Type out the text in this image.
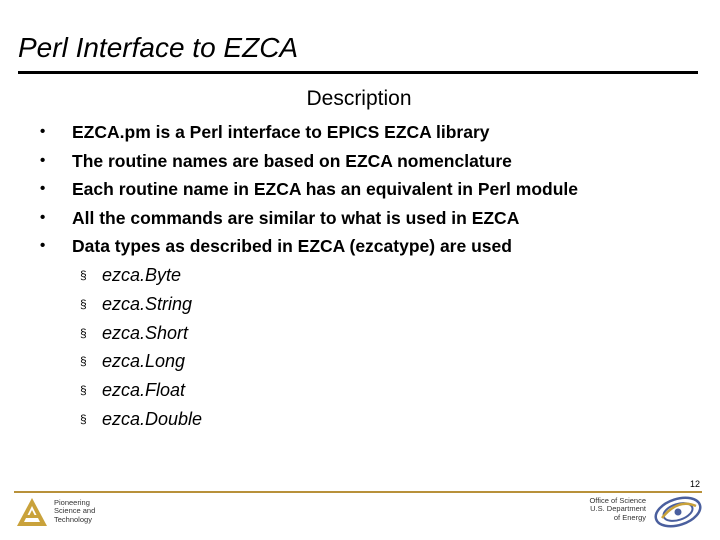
Perl Interface to EZCA
Description
• EZCA.pm is a Perl interface to EPICS EZCA library
• The routine names are based on EZCA nomenclature
• Each routine name in EZCA has an equivalent in Perl module
• All the commands are similar to what is used in EZCA
• Data types as described in EZCA (ezcatype) are used
§ ezca.Byte
§ ezca.String
§ ezca.Short
§ ezca.Long
§ ezca.Float
§ ezca.Double
12
Pioneering
Science and
Technology
Office of Science
U.S. Department
of Energy
